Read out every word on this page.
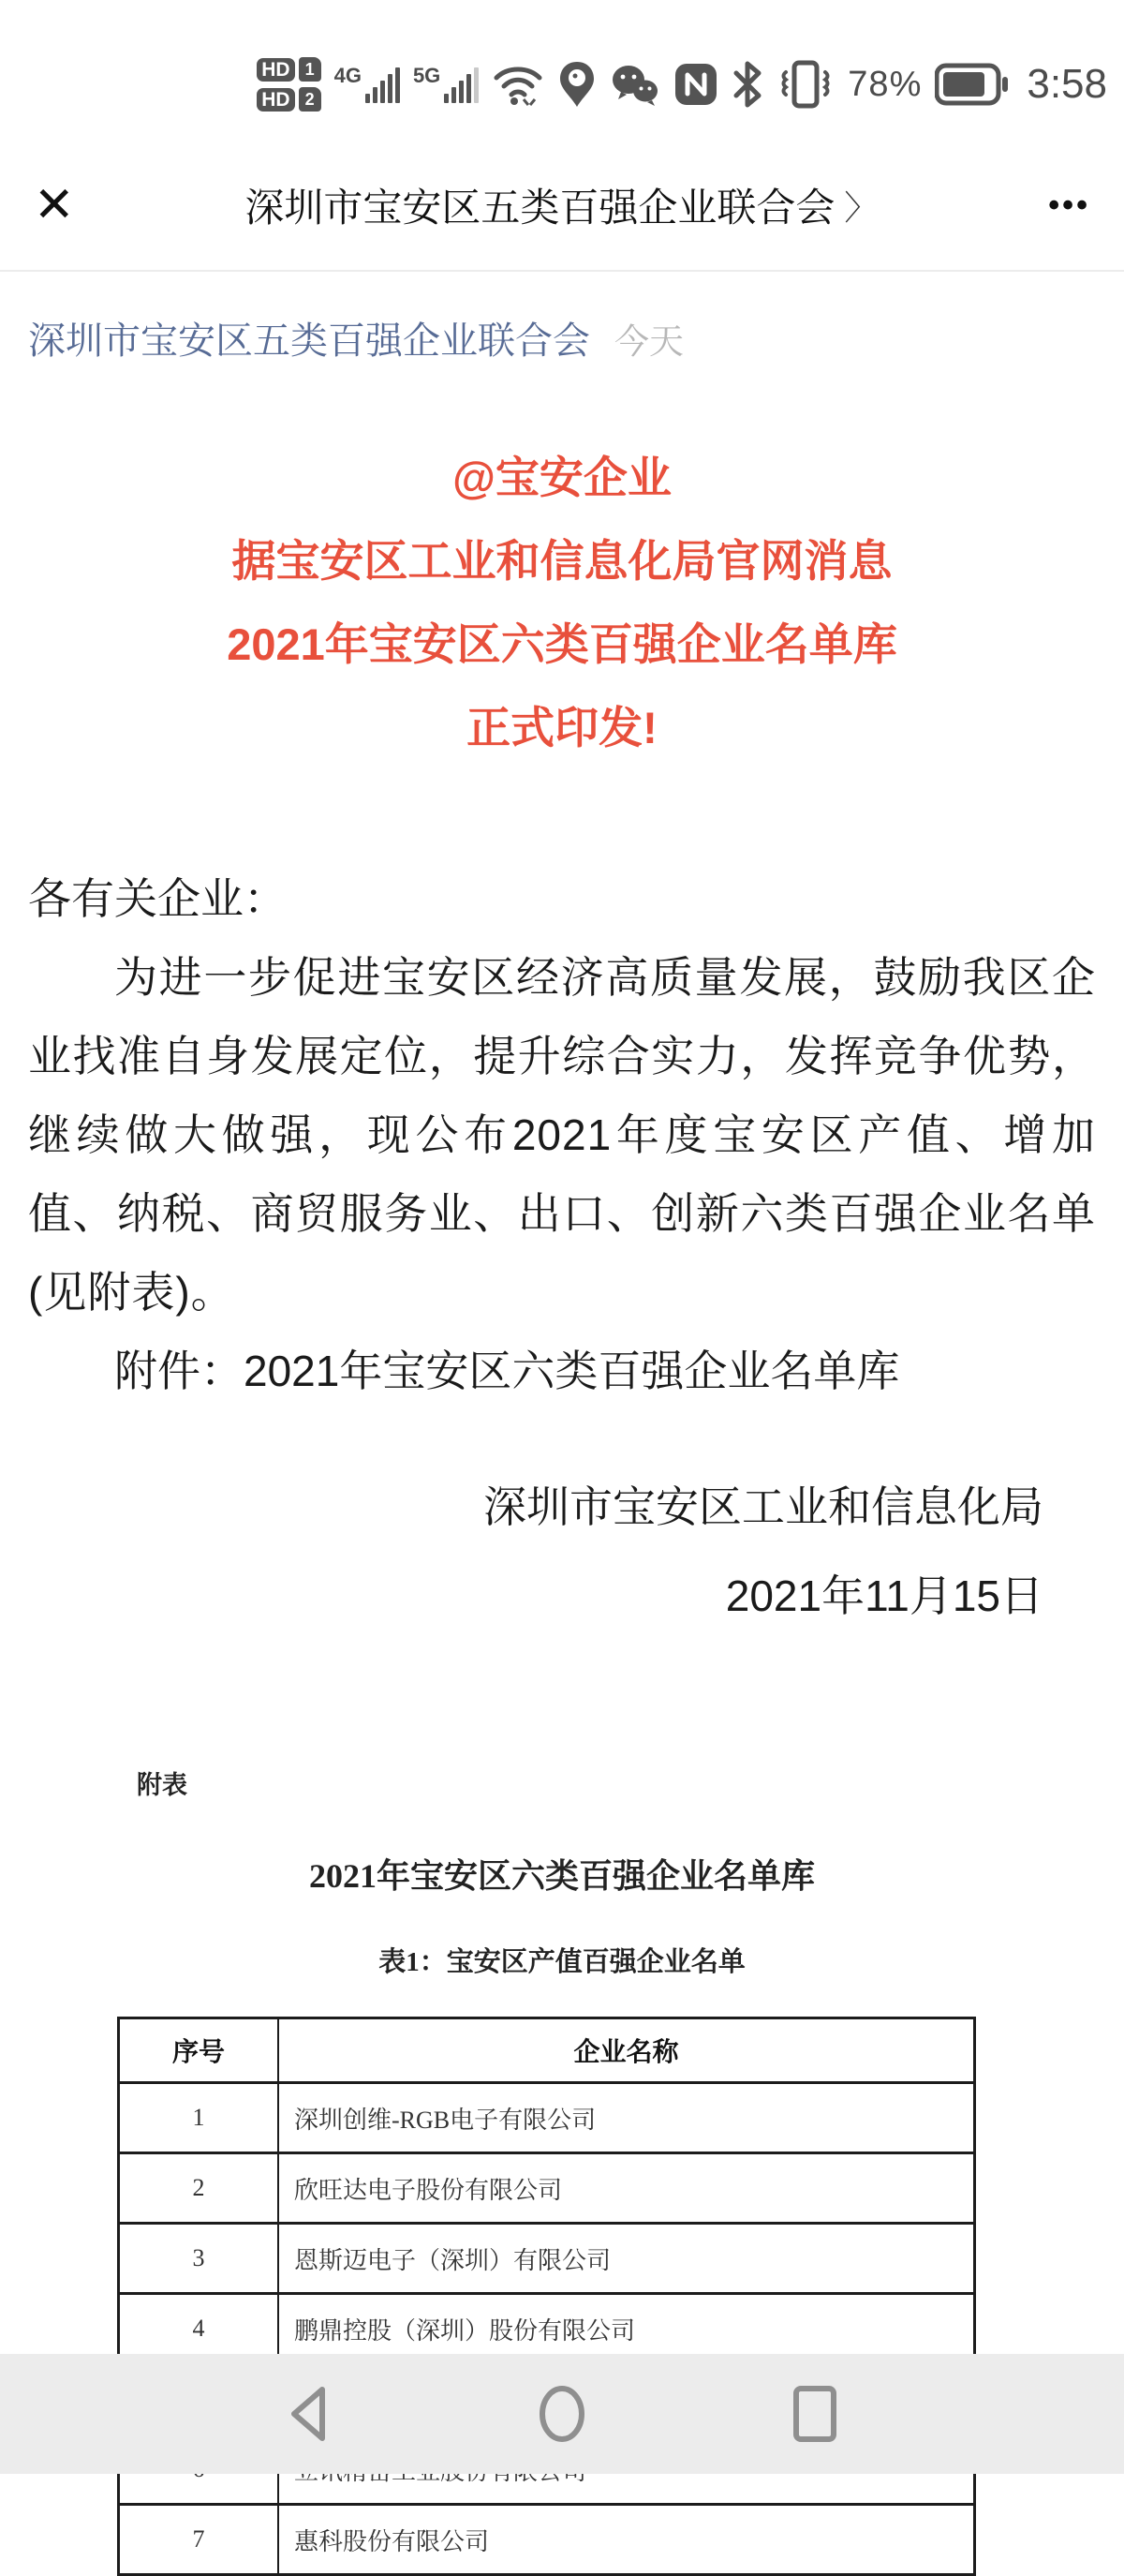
HD 1
HD 2
4G	5G	78%	3:58
✕	深圳市宝安区五类百强企业联合会 〉	•••
深圳市宝安区五类百强企业联合会 今天
@宝安企业
据宝安区工业和信息化局官网消息
2021年宝安区六类百强企业名单库
正式印发!
各有关企业：
为进一步促进宝安区经济高质量发展，鼓励我区企业找准自身发展定位，提升综合实力，发挥竞争优势，继续做大做强，现公布2021年度宝安区产值、增加值、纳税、商贸服务业、出口、创新六类百强企业名单(见附表)。
附件：2021年宝安区六类百强企业名单库
深圳市宝安区工业和信息化局
2021年11月15日
附表
2021年宝安区六类百强企业名单库
表1：宝安区产值百强企业名单
序号	企业名称
1	深圳创维-RGB电子有限公司
2	欣旺达电子股份有限公司
3	恩斯迈电子（深圳）有限公司
4	鹏鼎控股（深圳）股份有限公司
7	惠科股份有限公司
